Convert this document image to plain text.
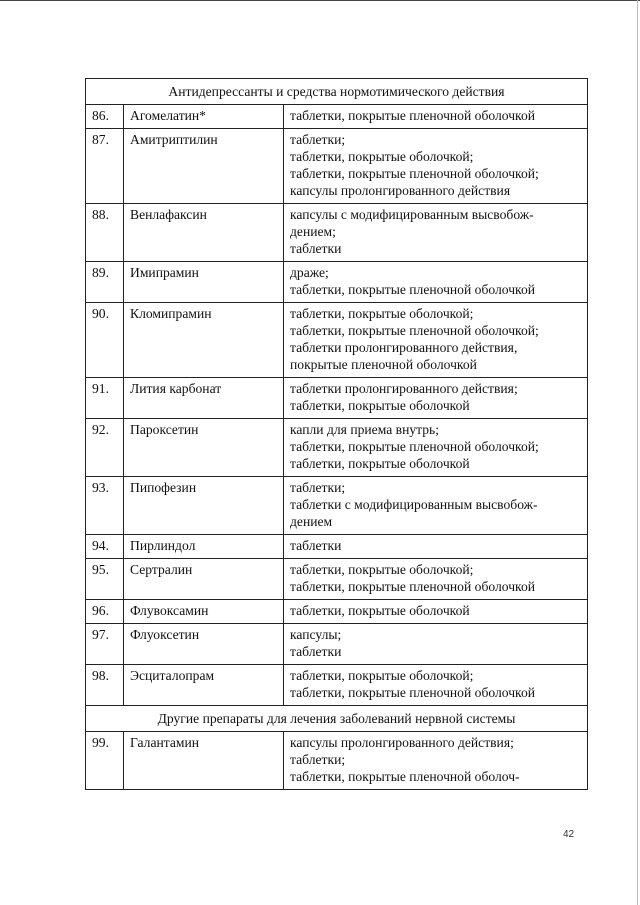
Антидепрессанты и средства нормотимического действия		
86.	Агомелатин*	таблетки, покрытые пленочной оболочкой

87.	Амитриптилин	таблетки;
таблетки, покрытые оболочкой;
таблетки, покрытые пленочной оболочкой;
капсулы пролонгированного действия

88.	Венлафаксин	капсулы с модифицированным высвобож-
дением;
таблетки

89.	Имипрамин	драже;
таблетки, покрытые пленочной оболочкой

90.	Кломипрамин	таблетки, покрытые оболочкой;
таблетки, покрытые пленочной оболочкой;
таблетки пролонгированного действия,
покрытые пленочной оболочкой

91.	Лития карбонат	таблетки пролонгированного действия;
таблетки, покрытые оболочкой

92.	Пароксетин	капли для приема внутрь;
таблетки, покрытые пленочной оболочкой;
таблетки, покрытые оболочкой

93.	Пипофезин	таблетки;
таблетки с модифицированным высвобож-
дением

94.	Пирлиндол	таблетки

95.	Сертралин	таблетки, покрытые оболочкой;
таблетки, покрытые пленочной оболочкой

96.	Флувоксамин	таблетки, покрытые оболочкой

97.	Флуоксетин	капсулы;
таблетки

98.	Эсциталопрам	таблетки, покрытые оболочкой;
таблетки, покрытые пленочной оболочкой

Другие препараты для лечения заболеваний нервной системы		
99.	Галантамин	капсулы пролонгированного действия;
таблетки;
таблетки, покрытые пленочной оболоч-
42
